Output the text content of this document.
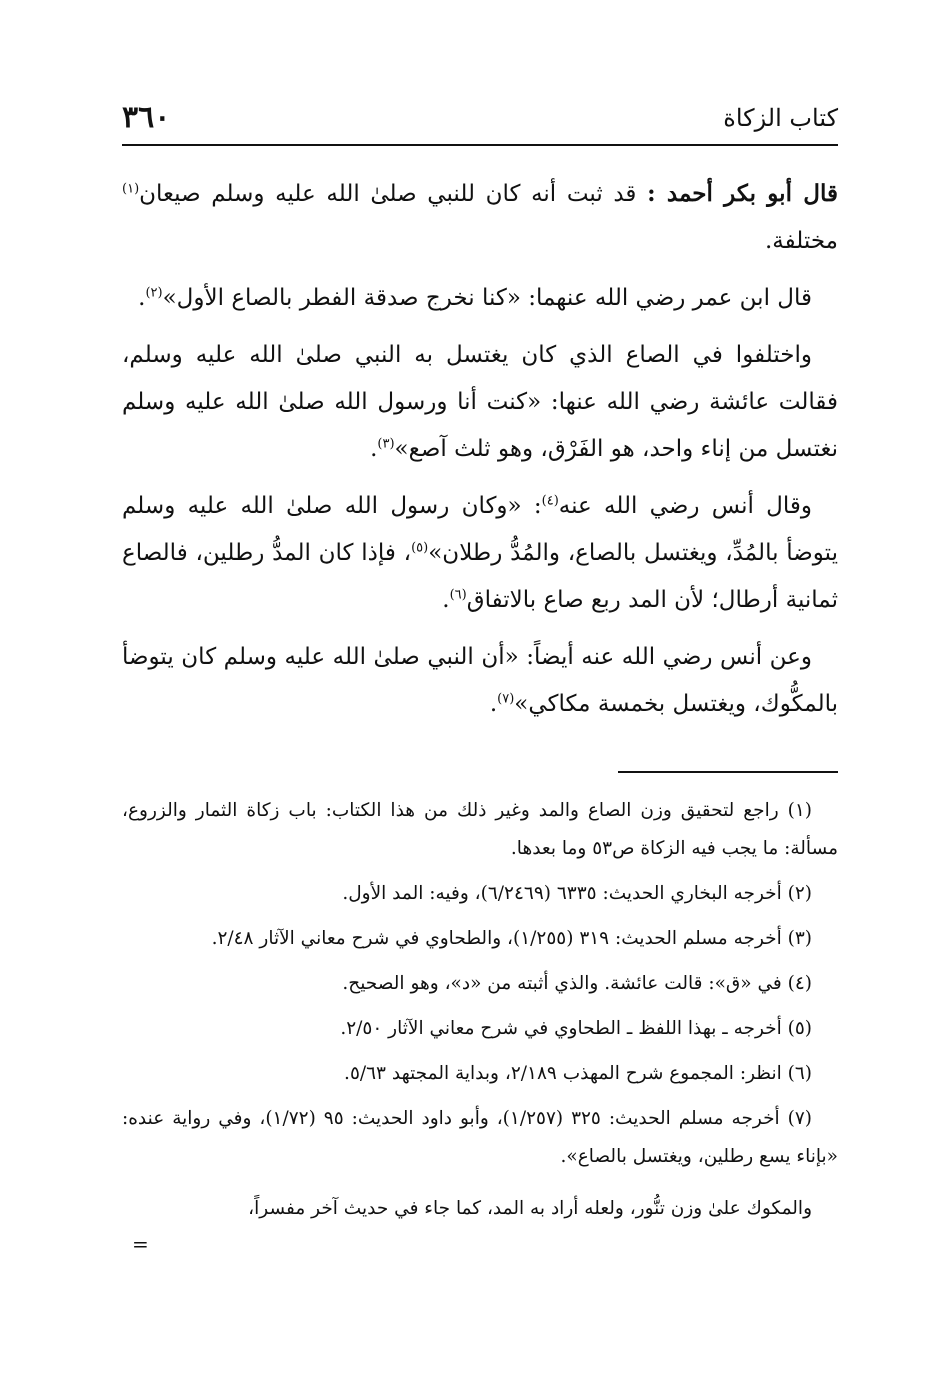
كتاب الزكاة
٣٦٠

قال أبو بكر أحمد : قد ثبت أنه كان للنبي صلىٰ الله عليه وسلم صيعان$^{(١)}$ مختلفة.

قال ابن عمر رضي الله عنهما: «كنا نخرج صدقة الفطر بالصاع الأول»$^{(٢)}$.

واختلفوا في الصاع الذي كان يغتسل به النبي صلىٰ الله عليه وسلم، فقالت عائشة رضي الله عنها: «كنت أنا ورسول الله صلىٰ الله عليه وسلم نغتسل من إناء واحد، هو الفَرْق، وهو ثلث آصع»$^{(٣)}$.

وقال أنس رضي الله عنه$^{(٤)}$: «وكان رسول الله صلىٰ الله عليه وسلم يتوضأ بالمُدِّ، ويغتسل بالصاع، والمُدُّ رطلان»$^{(٥)}$، فإذا كان المدُّ رطلين، فالصاع ثمانية أرطال؛ لأن المد ربع صاع بالاتفاق$^{(٦)}$.

وعن أنس رضي الله عنه أيضاً: «أن النبي صلىٰ الله عليه وسلم كان يتوضأ بالمكُّوك، ويغتسل بخمسة مكاكي»$^{(٧)}$.

(١) راجع لتحقيق وزن الصاع والمد وغير ذلك من هذا الكتاب: باب زكاة الثمار والزروع، مسألة: ما يجب فيه الزكاة ص٥٣ وما بعدها.

(٢) أخرجه البخاري الحديث: ٦٣٣٥ (٦/٢٤٦٩)، وفيه: المد الأول.

(٣) أخرجه مسلم الحديث: ٣١٩ (١/٢٥٥)، والطحاوي في شرح معاني الآثار ٢/٤٨.

(٤) في «ق»: قالت عائشة. والذي أثبته من «د»، وهو الصحيح.

(٥) أخرجه ـ بهذا اللفظ ـ الطحاوي في شرح معاني الآثار ٢/٥٠.

(٦) انظر: المجموع شرح المهذب ٢/١٨٩، وبداية المجتهد ٥/٦٣.

(٧) أخرجه مسلم الحديث: ٣٢٥ (١/٢٥٧)، وأبو داود الحديث: ٩٥ (١/٧٢)، وفي رواية عنده: «بإناء يسع رطلين، ويغتسل بالصاع».

والمكوك علىٰ وزن تنُّور، ولعله أراد به المد، كما جاء في حديث آخر مفسراً،

=
